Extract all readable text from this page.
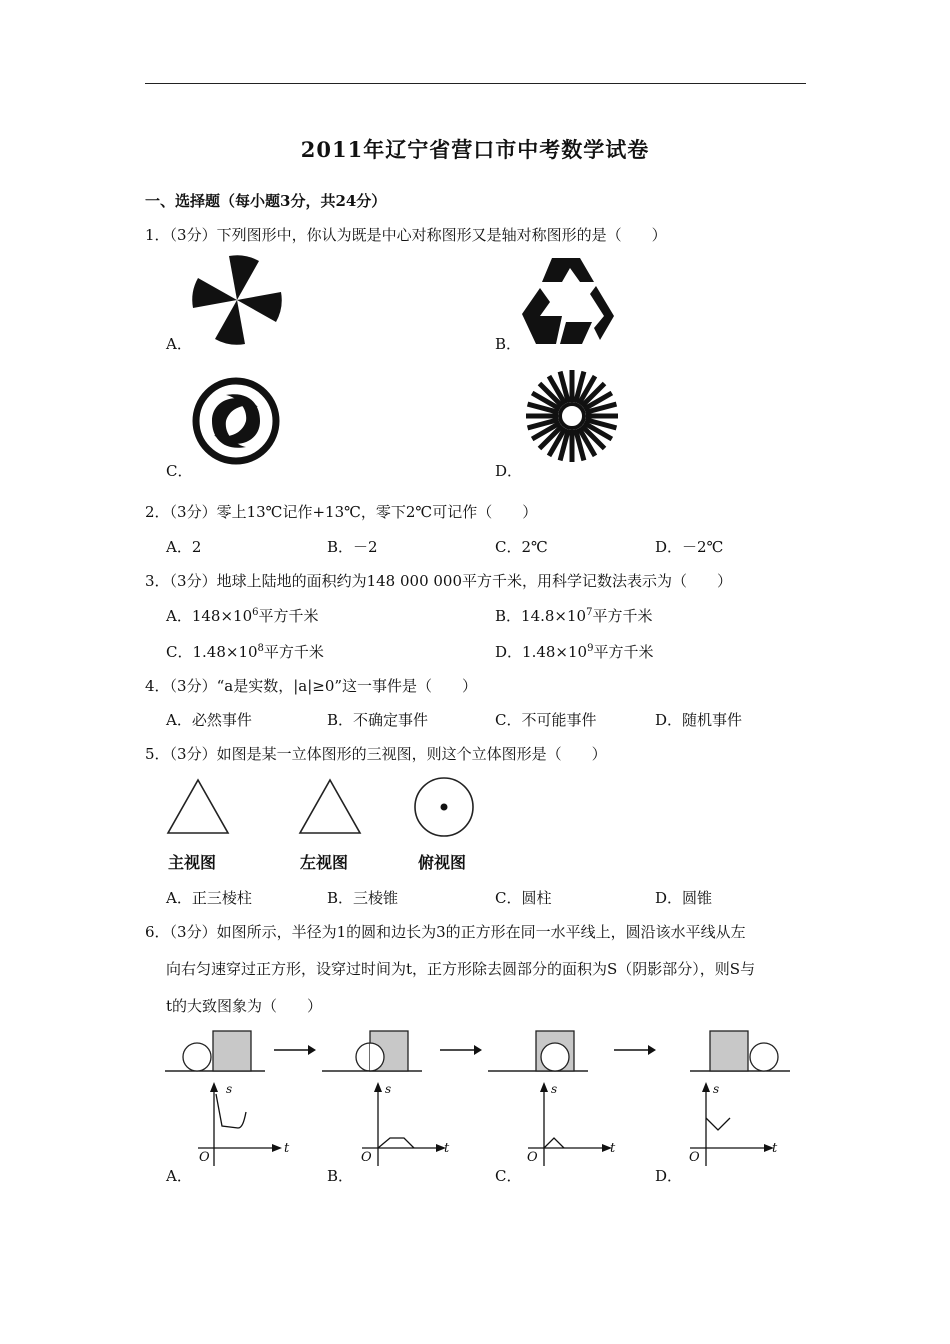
2011年辽宁省营口市中考数学试卷
一、选择题（每小题3分，共24分）
1．（3分）下列图形中，你认为既是中心对称图形又是轴对称图形的是（　　）
A．	B．
C．	D．
2．（3分）零上13℃记作+13℃，零下2℃可记作（　　）
A．2	B．－2	C．2℃	D．－2℃
3．（3分）地球上陆地的面积约为148 000 000平方千米，用科学记数法表示为（　　）
A．$148\times 10^6$平方千米	B．$14.8\times 10^7$平方千米
C．$1.48\times 10^8$平方千米	D．$1.48\times 10^9$平方千米
4．（3分）“a是实数，|a|≥0”这一事件是（　　）
A．必然事件	B．不确定事件	C．不可能事件	D．随机事件
5．（3分）如图是某一立体图形的三视图，则这个立体图形是（　　）
主视图	左视图	俯视图
A．正三棱柱	B．三棱锥	C．圆柱	D．圆锥
6．（3分）如图所示，半径为1的圆和边长为3的正方形在同一水平线上，圆沿该水平线从左
向右匀速穿过正方形，设穿过时间为t，正方形除去圆部分的面积为S（阴影部分），则S与
t的大致图象为（　　）
s
t
O
A．
s
t
O
B．
s
t
O
C．
s
t
O
D．
